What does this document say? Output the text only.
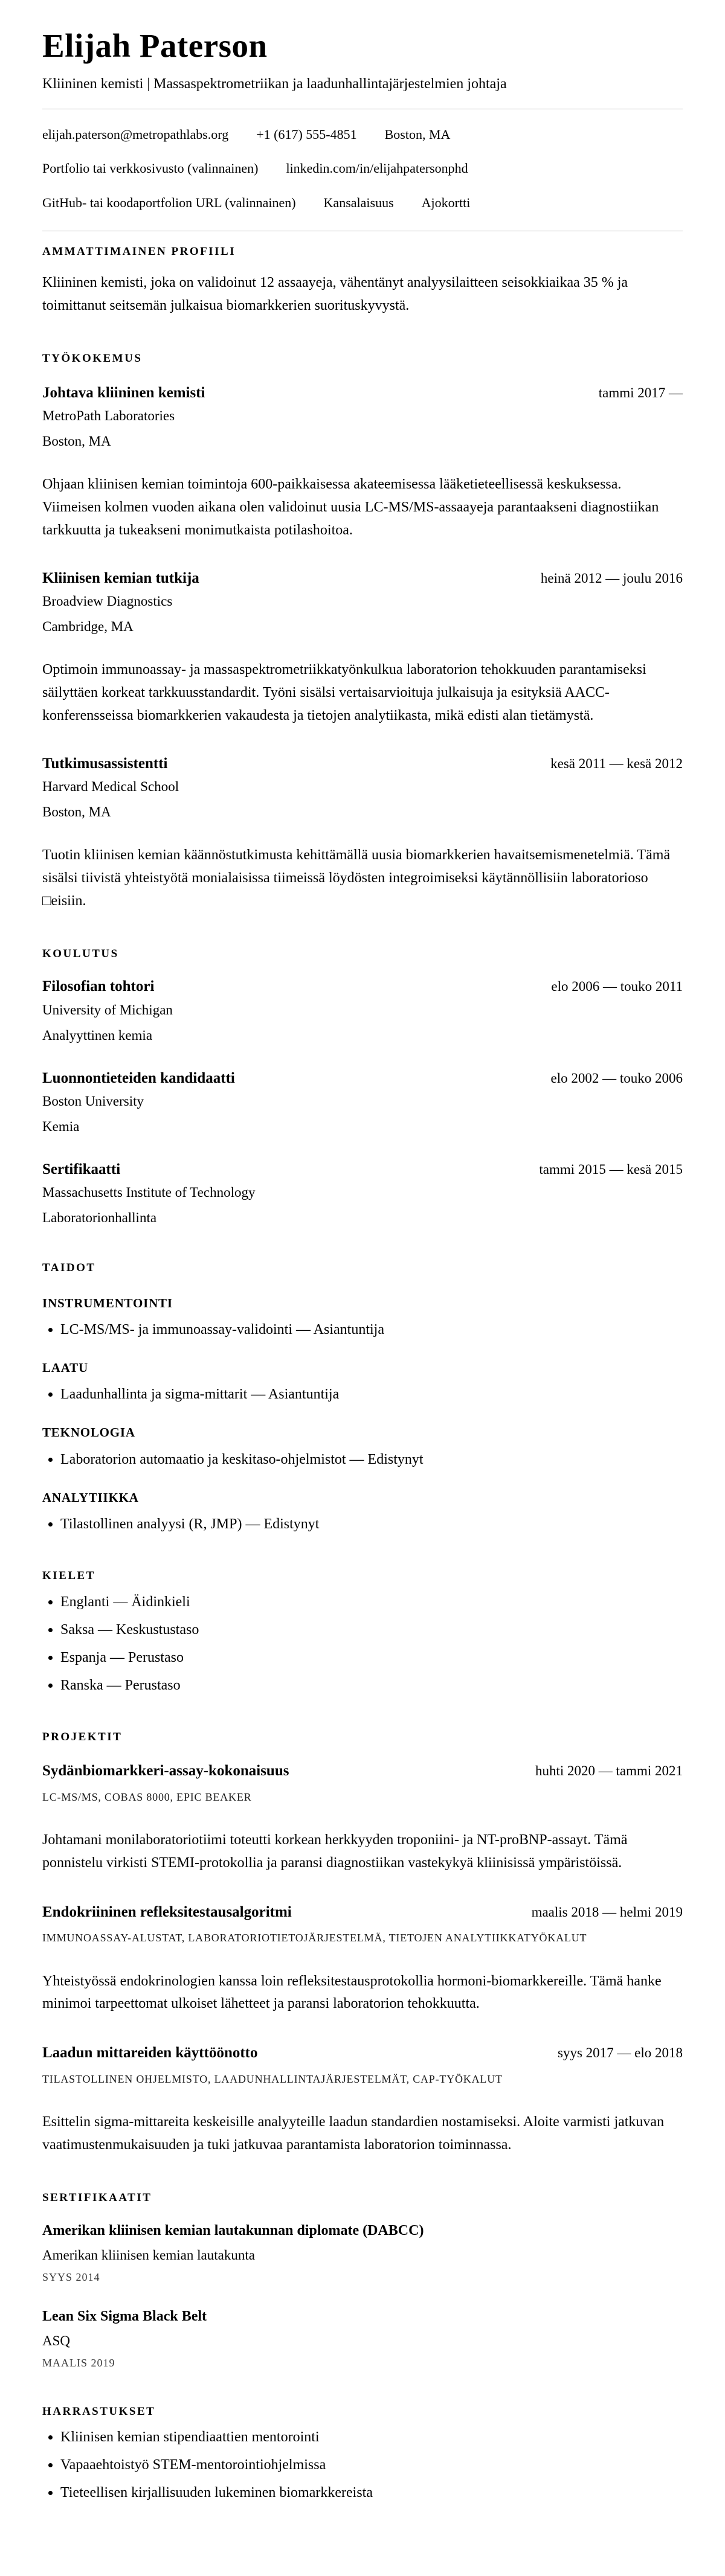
Elijah Paterson
Kliininen kemisti | Massaspektrometriikan ja laadunhallintajärjestelmien johtaja
elijah.paterson@metropathlabs.org +1 (617) 555-4851 Boston, MA
Portfolio tai verkkosivusto (valinnainen) linkedin.com/in/elijahpatersonphd
GitHub- tai koodaportfolion URL (valinnainen) Kansalaisuus Ajokortti
AMMATTIMAINEN PROFIILI

Kliininen kemisti, joka on validoinut 12 assaayeja, vähentänyt analyysilaitteen seisokkiaikaa 35 % ja toimittanut seitsemän julkaisua biomarkkerien suorituskyvystä.

TYÖKOKEMUS
Johtava kliininen kemisti	tammi 2017 —
MetroPath Laboratories
Boston, MA

Ohjaan kliinisen kemian toimintoja 600-paikkaisessa akateemisessa lääketieteellisessä keskuksessa. Viimeisen kolmen vuoden aikana olen validoinut uusia LC-MS/MS-assaayeja parantaakseni diagnostiikan tarkkuutta ja tukeakseni monimutkaista potilashoitoa.

Kliinisen kemian tutkija	heinä 2012 — joulu 2016
Broadview Diagnostics
Cambridge, MA

Optimoin immunoassay- ja massaspektrometriikkatyönkulkua laboratorion tehokkuuden parantamiseksi säilyttäen korkeat tarkkuusstandardit. Työni sisälsi vertaisarvioituja julkaisuja ja esityksiä AACC-konferensseissa biomarkkerien vakaudesta ja tietojen analytiikasta, mikä edisti alan tietämystä.

Tutkimusassistentti	kesä 2011 — kesä 2012
Harvard Medical School
Boston, MA

Tuotin kliinisen kemian käännöstutkimusta kehittämällä uusia biomarkkerien havaitsemismenetelmiä. Tämä sisälsi tiivistä yhteistyötä monialaisissa tiimeissä löydösten integroimiseksi käytännöllisiin laboratorioso □eisiin.

KOULUTUS
Filosofian tohtori	elo 2006 — touko 2011
University of Michigan
Analyyttinen kemia
Luonnontieteiden kandidaatti	elo 2002 — touko 2006
Boston University
Kemia
Sertifikaatti	tammi 2015 — kesä 2015
Massachusetts Institute of Technology
Laboratorionhallinta
TAIDOT
INSTRUMENTOINTI
• LC-MS/MS- ja immunoassay-validointi — Asiantuntija
LAATU
• Laadunhallinta ja sigma-mittarit — Asiantuntija
TEKNOLOGIA
• Laboratorion automaatio ja keskitaso-ohjelmistot — Edistynyt
ANALYTIIKKA
• Tilastollinen analyysi (R, JMP) — Edistynyt
KIELET
• Englanti — Äidinkieli
• Saksa — Keskustustaso
• Espanja — Perustaso
• Ranska — Perustaso
PROJEKTIT
Sydänbiomarkkeri-assay-kokonaisuus	huhti 2020 — tammi 2021
LC-MS/MS, COBAS 8000, EPIC BEAKER

Johtamani monilaboratoriotiimi toteutti korkean herkkyyden troponiini- ja NT-proBNP-assayt. Tämä ponnistelu virkisti STEMI-protokollia ja paransi diagnostiikan vastekykyä kliinisissä ympäristöissä.

Endokriininen refleksitestausalgoritmi	maalis 2018 — helmi 2019
IMMUNOASSAY-ALUSTAT, LABORATORIOTIETOJÄRJESTELMÄ, TIETOJEN ANALYTIIKKATYÖKALUT

Yhteistyössä endokrinologien kanssa loin refleksitestausprotokollia hormoni-biomarkkereille. Tämä hanke minimoi tarpeettomat ulkoiset lähetteet ja paransi laboratorion tehokkuutta.

Laadun mittareiden käyttöönotto	syys 2017 — elo 2018
TILASTOLLINEN OHJELMISTO, LAADUNHALLINTAJÄRJESTELMÄT, CAP-TYÖKALUT

Esittelin sigma-mittareita keskeisille analyyteille laadun standardien nostamiseksi. Aloite varmisti jatkuvan vaatimustenmukaisuuden ja tuki jatkuvaa parantamista laboratorion toiminnassa.

SERTIFIKAATIT
Amerikan kliinisen kemian lautakunnan diplomate (DABCC)
Amerikan kliinisen kemian lautakunta
SYYS 2014
Lean Six Sigma Black Belt
ASQ
MAALIS 2019
HARRASTUKSET
• Kliinisen kemian stipendiaattien mentorointi
• Vapaaehtoistyö STEM-mentorointiohjelmissa
• Tieteellisen kirjallisuuden lukeminen biomarkkereista
